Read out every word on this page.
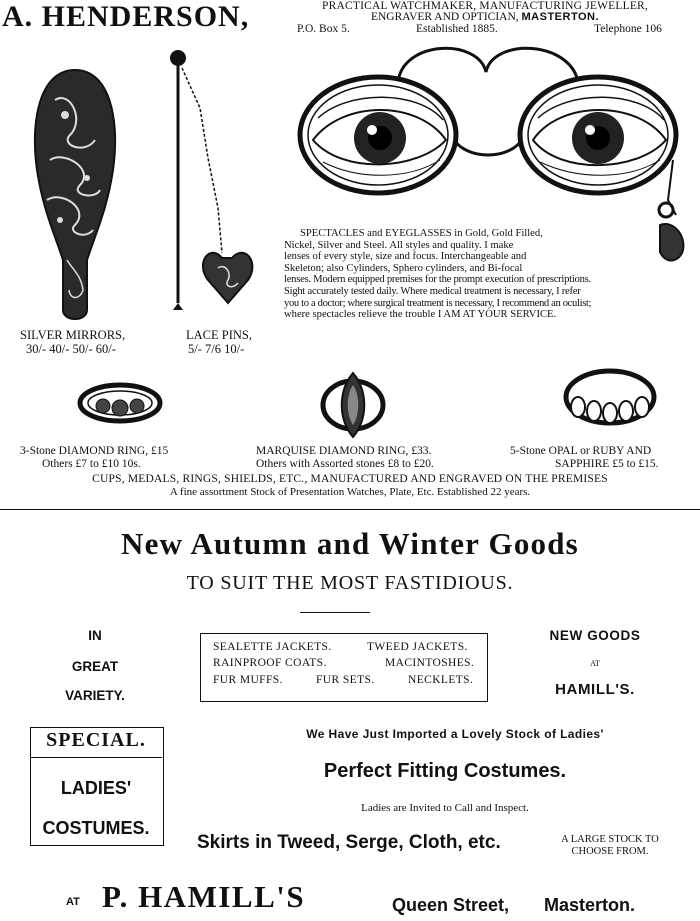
A. HENDERSON,	PRACTICAL WATCHMAKER, MANUFACTURING JEWELLER,
ENGRAVER AND OPTICIAN, MASTERTON.
P.O. Box 5.	Established 1885.	Telephone 106
SPECTACLES and EYEGLASSES in Gold, Gold Filled,
Nickel, Silver and Steel. All styles and quality. I make
lenses of every style, size and focus. Interchangeable and
Skeleton; also Cylinders, Sphero cylinders, and Bi-focal
lenses. Modern equipped premises for the prompt execution of prescriptions.
Sight accurately tested daily. Where medical treatment is necessary, I refer
you to a doctor; where surgical treatment is necessary, I recommend an oculist;
where spectacles relieve the trouble I AM AT YOUR SERVICE.
SILVER MIRRORS,
30/- 40/- 50/- 60/-
LACE PINS,
5/- 7/6 10/-
3-Stone DIAMOND RING, £15
Others £7 to £10 10s.
MARQUISE DIAMOND RING, £33.
Others with Assorted stones £8 to £20.
5-Stone OPAL or RUBY AND
SAPPHIRE £5 to £15.
CUPS, MEDALS, RINGS, SHIELDS, ETC., MANUFACTURED AND ENGRAVED ON THE PREMISES
A fine assortment Stock of Presentation Watches, Plate, Etc. Established 22 years.
New Autumn and Winter Goods
TO SUIT THE MOST FASTIDIOUS.
IN
GREAT
VARIETY.
SEALETTE JACKETS.	TWEED JACKETS.
RAINPROOF COATS.	MACINTOSHES.
FUR MUFFS.	FUR SETS.	NECKLETS.
NEW GOODS
AT
HAMILL'S.
SPECIAL.
LADIES'
COSTUMES.
We Have Just Imported a Lovely Stock of Ladies'
Perfect Fitting Costumes.
Ladies are Invited to Call and Inspect.
Skirts in Tweed, Serge, Cloth, etc.	A LARGE STOCK TO
CHOOSE FROM.
AT P. HAMILL'S	Queen Street, Masterton.
